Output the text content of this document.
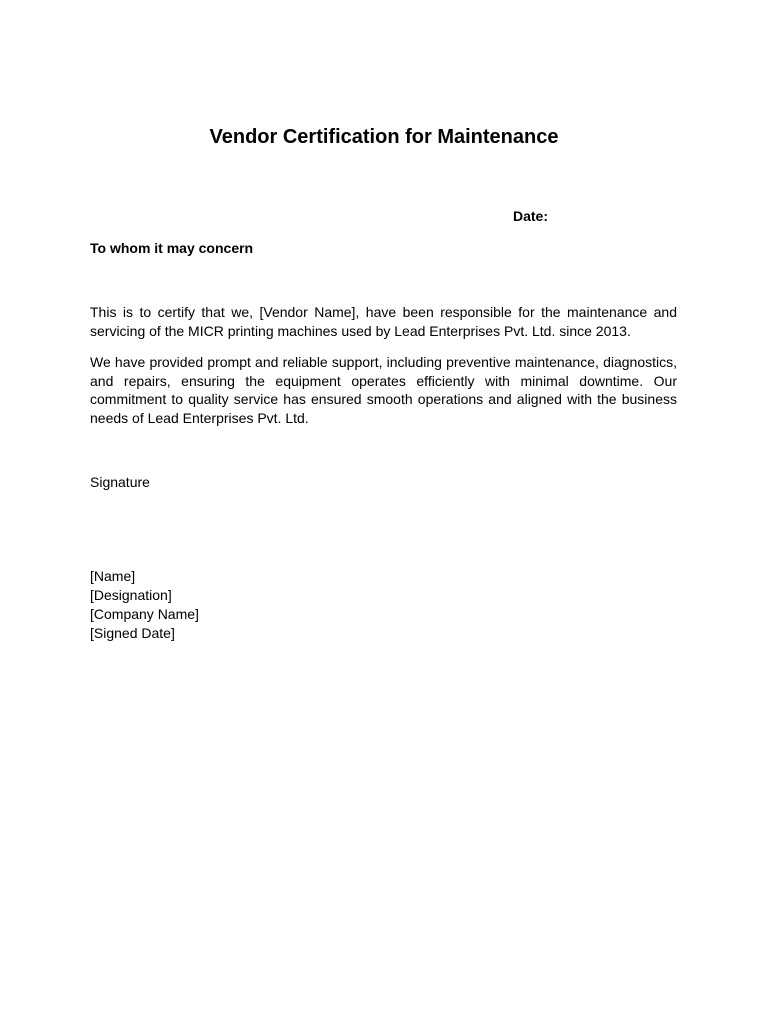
Vendor Certification for Maintenance
Date:
To whom it may concern

This is to certify that we, [Vendor Name], have been responsible for the maintenance and servicing of the MICR printing machines used by Lead Enterprises Pvt. Ltd. since 2013.

We have provided prompt and reliable support, including preventive maintenance, diagnostics, and repairs, ensuring the equipment operates efficiently with minimal downtime. Our commitment to quality service has ensured smooth operations and aligned with the business needs of Lead Enterprises Pvt. Ltd.

Signature
[Name]
[Designation]
[Company Name]
[Signed Date]
